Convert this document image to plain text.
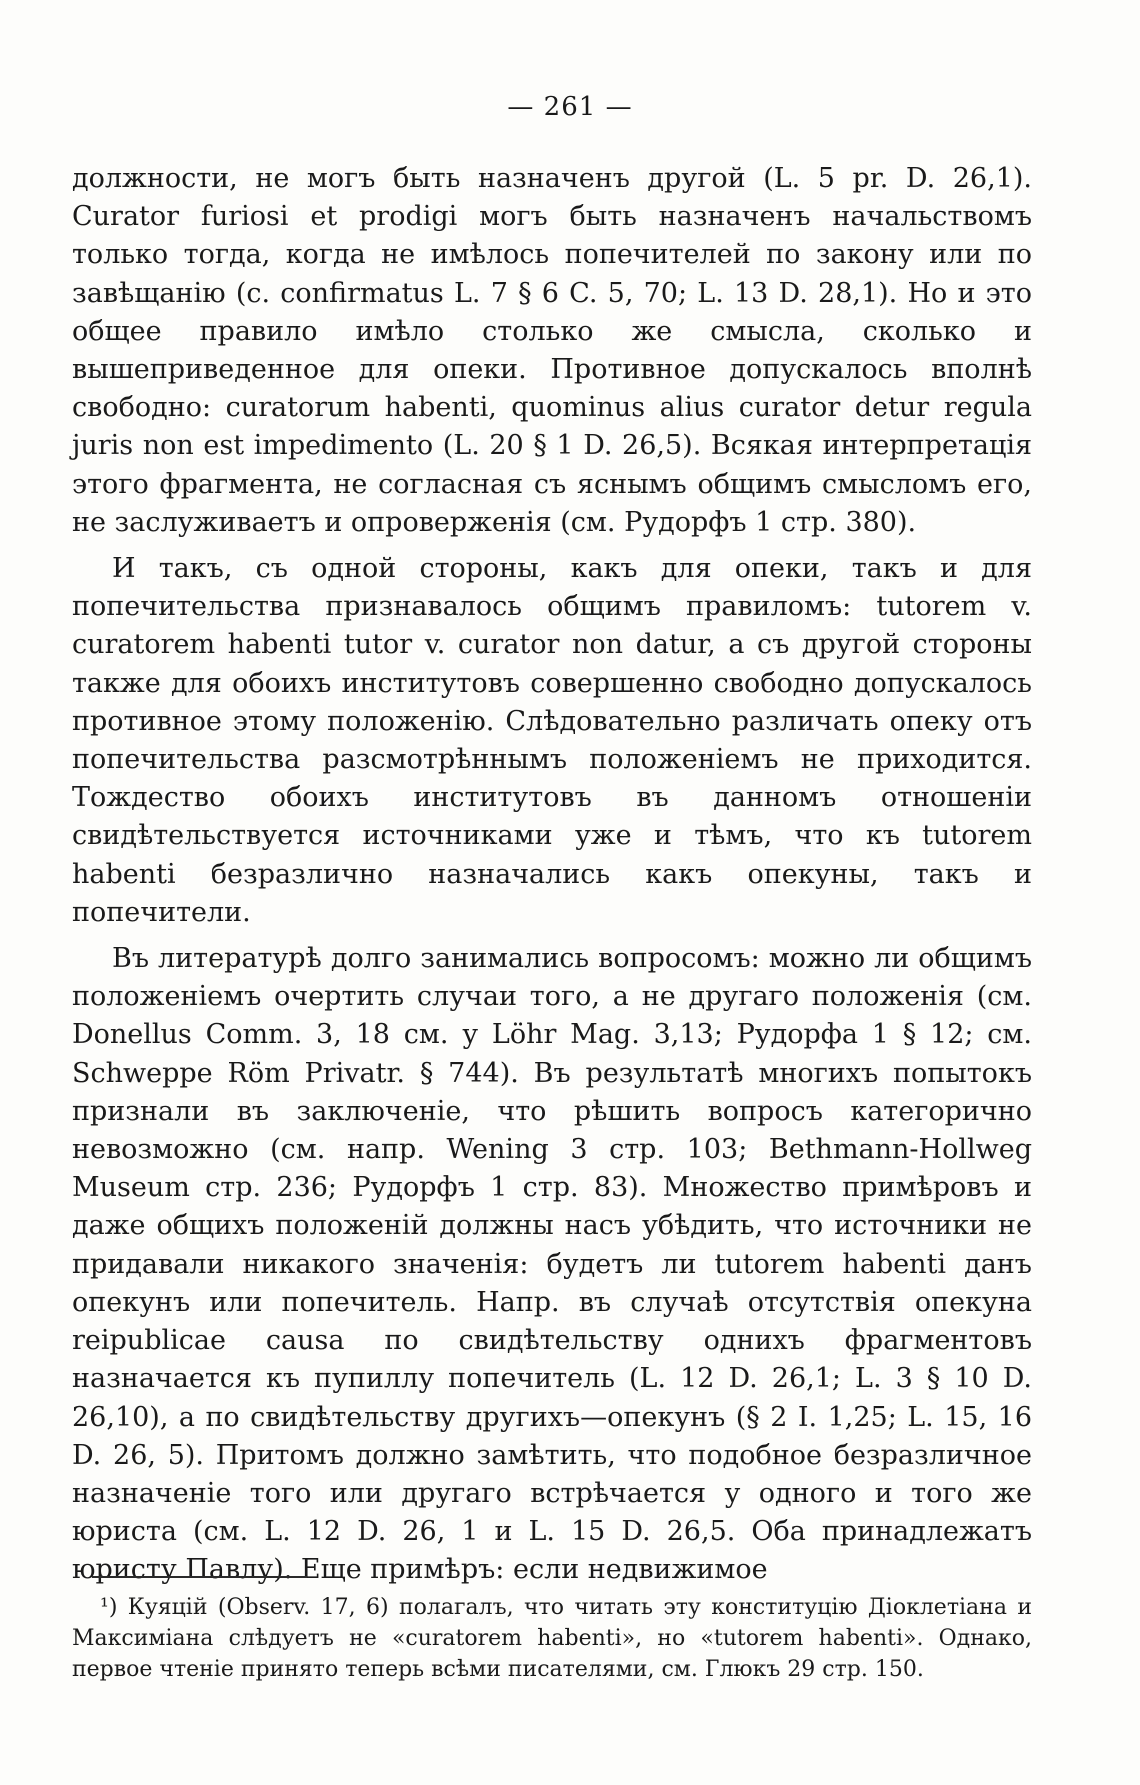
— 261 —

должности, не могъ быть назначенъ другой (L. 5 pr. D. 26,1). Curator furiosi et prodigi могъ быть назначенъ начальствомъ только тогда, когда не имѣлось попечителей по закону или по завѣщанію (c. confirmatus L. 7 § 6 C. 5, 70; L. 13 D. 28,1). Но и это общее правило имѣло столько же смысла, сколько и вышеприведенное для опеки. Противное допускалось вполнѣ свободно: curatorum habenti, quominus alius curator detur regula juris non est impedimento (L. 20 § 1 D. 26,5). Всякая интерпретація этого фрагмента, не согласная съ яснымъ общимъ смысломъ его, не заслуживаетъ и опроверженія (см. Рудорфъ 1 стр. 380).

И такъ, съ одной стороны, какъ для опеки, такъ и для попечительства признавалось общимъ правиломъ: tutorem v. curatorem habenti tutor v. curator non datur, а съ другой стороны также для обоихъ институтовъ совершенно свободно допускалось противное этому положенію. Слѣдовательно различать опеку отъ попечительства разсмотрѣннымъ положеніемъ не приходится. Тождество обоихъ институтовъ въ данномъ отношеніи свидѣтельствуется источниками уже и тѣмъ, что къ tutorem habenti безразлично назначались какъ опекуны, такъ и попечители.

Въ литературѣ долго занимались вопросомъ: можно ли общимъ положеніемъ очертить случаи того, а не другаго положенія (см. Donellus Comm. 3, 18 см. у Löhr Mag. 3,13; Рудорфа 1 § 12; см. Schweppe Röm Privatr. § 744). Въ результатѣ многихъ попытокъ признали въ заключеніе, что рѣшить вопросъ категорично невозможно (см. напр. Wening 3 стр. 103; Bethmann-Hollweg Museum стр. 236; Рудорфъ 1 стр. 83). Множество примѣровъ и даже общихъ положеній должны насъ убѣдить, что источники не придавали никакого значенія: будетъ ли tutorem habenti данъ опекунъ или попечитель. Напр. въ случаѣ отсутствія опекуна reipublicae causa по свидѣтельству однихъ фрагментовъ назначается къ пупиллу попечитель (L. 12 D. 26,1; L. 3 § 10 D. 26,10), а по свидѣтельству другихъ—опекунъ (§ 2 I. 1,25; L. 15, 16 D. 26, 5). Притомъ должно замѣтить, что подобное безразличное назначеніе того или другаго встрѣчается у одного и того же юриста (см. L. 12 D. 26, 1 и L. 15 D. 26,5. Оба принадлежатъ юристу Павлу). Еще примѣръ: если недвижимое

¹) Куяцій (Observ. 17, 6) полагалъ, что читать эту конституцію Діоклетіана и Максиміана слѣдуетъ не «curatorem habenti», но «tutorem habenti». Однако, первое чтеніе принято теперь всѣми писателями, см. Глюкъ 29 стр. 150.
